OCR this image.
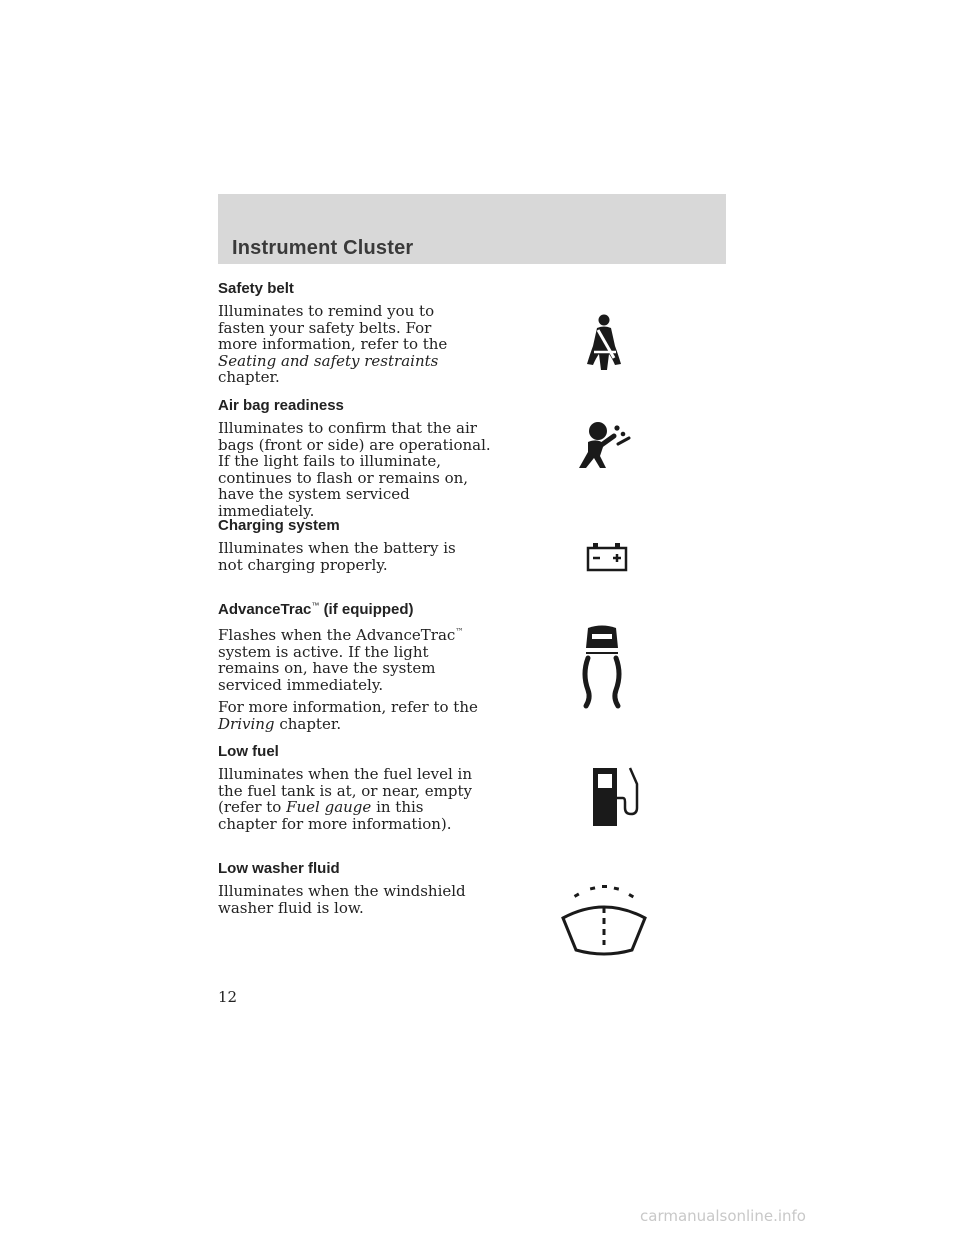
Instrument Cluster
Safety belt

Illuminates to remind you to fasten your safety belts. For more information, refer to the Seating and safety restraints chapter.

Air bag readiness
Illuminates to confirm that the air bags (front or side) are operational. If the light fails to illuminate, continues to flash or remains on, have the system serviced immediately.
Charging system
Illuminates when the battery is not charging properly.
AdvanceTrac™ (if equipped)

Flashes when the AdvanceTrac™ system is active. If the light remains on, have the system serviced immediately.

For more information, refer to the Driving chapter.

Low fuel

Illuminates when the fuel level in the fuel tank is at, or near, empty (refer to Fuel gauge in this chapter for more information).

Low washer fluid
Illuminates when the windshield washer fluid is low.
12
carmanualsonline.info
